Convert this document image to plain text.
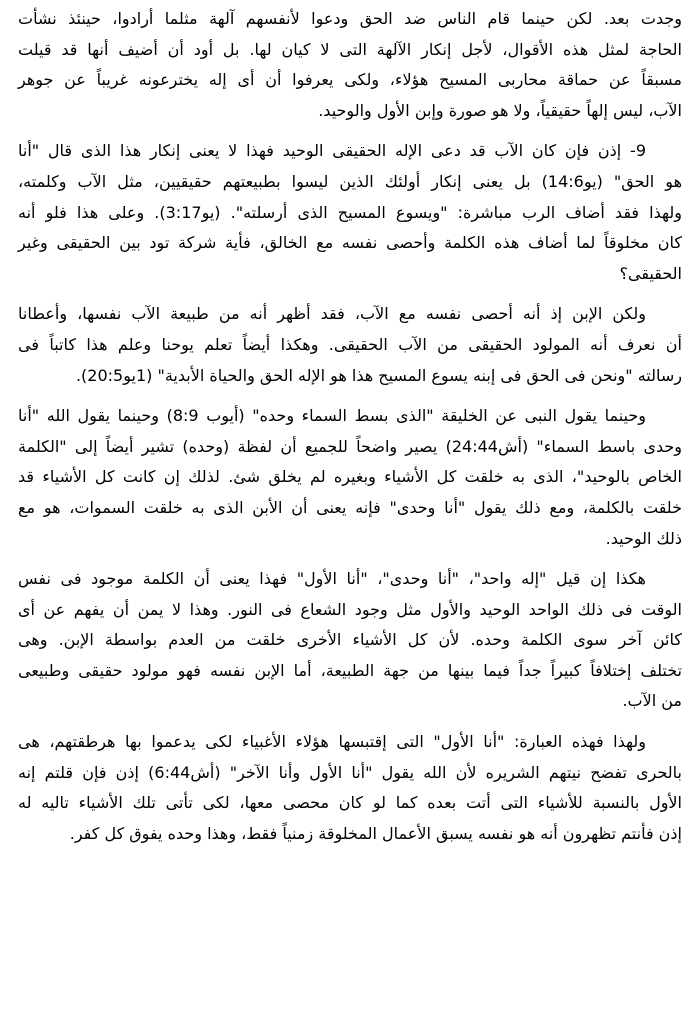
وجدت بعد. لكن حينما قام الناس ضد الحق ودعوا لأنفسهم آلهة مثلما أرادوا، حينئذ نشأت
الحاجة لمثل هذه الأقوال، لأجل إنكار الآلهة التى لا كيان لها. بل أود أن أضيف أنها قد قيلت
مسبقاً عن حماقة محاربى المسيح هؤلاء، ولكى يعرفوا أن أى إله يخترعونه غريباً عن جوهر
الآب، ليس إلهاً حقيقياً، ولا هو صورة وإبن الأول والوحيد.
9- إذن فإن كان الآب قد دعى الإله الحقيقى الوحيد فهذا لا يعنى إنكار هذا الذى قال "أنا
هو الحق" (يو14:6) بل يعنى إنكار أولئك الذين ليسوا بطبيعتهم حقيقيين، مثل الآب وكلمته،
ولهذا فقد أضاف الرب مباشرة: "ويسوع المسيح الذى أرسلته". (يو3:17). وعلى هذا فلو أنه
كان مخلوقاً لما أضاف هذه الكلمة وأحصى نفسه مع الخالق، فأية شركة تود بين الحقيقى وغير
الحقيقى؟
ولكن الإبن إذ أنه أحصى نفسه مع الآب، فقد أظهر أنه من طبيعة الآب نفسها، وأعطانا
أن نعرف أنه المولود الحقيقى من الآب الحقيقى. وهكذا أيضاً تعلم يوحنا وعلم هذا كاتباً فى
رسالته "ونحن فى الحق فى إبنه يسوع المسيح هذا هو الإله الحق والحياة الأبدية" (1يو20:5).
وحينما يقول النبى عن الخليقة "الذى بسط السماء وحده" (أيوب 8:9) وحينما يقول الله "أنا
وحدى باسط السماء" (أش24:44) يصير واضحاً للجميع أن لفظة (وحده) تشير أيضاً إلى "الكلمة
الخاص بالوحيد"، الذى به خلقت كل الأشياء وبغيره لم يخلق شئ. لذلك إن كانت كل الأشياء قد
خلقت بالكلمة، ومع ذلك يقول "أنا وحدى" فإنه يعنى أن الأبن الذى به خلقت السموات، هو مع
ذلك الوحيد.
هكذا إن قيل "إله واحد"، "أنا وحدى"، "أنا الأول" فهذا يعنى أن الكلمة موجود فى نفس
الوقت فى ذلك الواحد الوحيد والأول مثل وجود الشعاع فى النور. وهذا لا يمن أن يفهم عن أى
كائن آخر سوى الكلمة وحده. لأن كل الأشياء الأخرى خلقت من العدم بواسطة الإبن. وهى
تختلف إختلافاً كبيراً جداً فيما بينها من جهة الطبيعة، أما الإبن نفسه فهو مولود حقيقى وطبيعى
من الآب.
ولهذا فهذه العبارة: "أنا الأول" التى إقتبسها هؤلاء الأغبياء لكى يدعموا بها هرطقتهم، هى
بالحرى تفضح نيتهم الشريره لأن الله يقول "أنا الأول وأنا الآخر" (أش6:44) إذن فإن قلتم إنه
الأول بالنسبة للأشياء التى أتت بعده كما لو كان محصى معها، لكى تأتى تلك الأشياء تاليه له
إذن فأنتم تظهرون أنه هو نفسه يسبق الأعمال المخلوقة زمنياً فقط، وهذا وحده يفوق كل كفر.
